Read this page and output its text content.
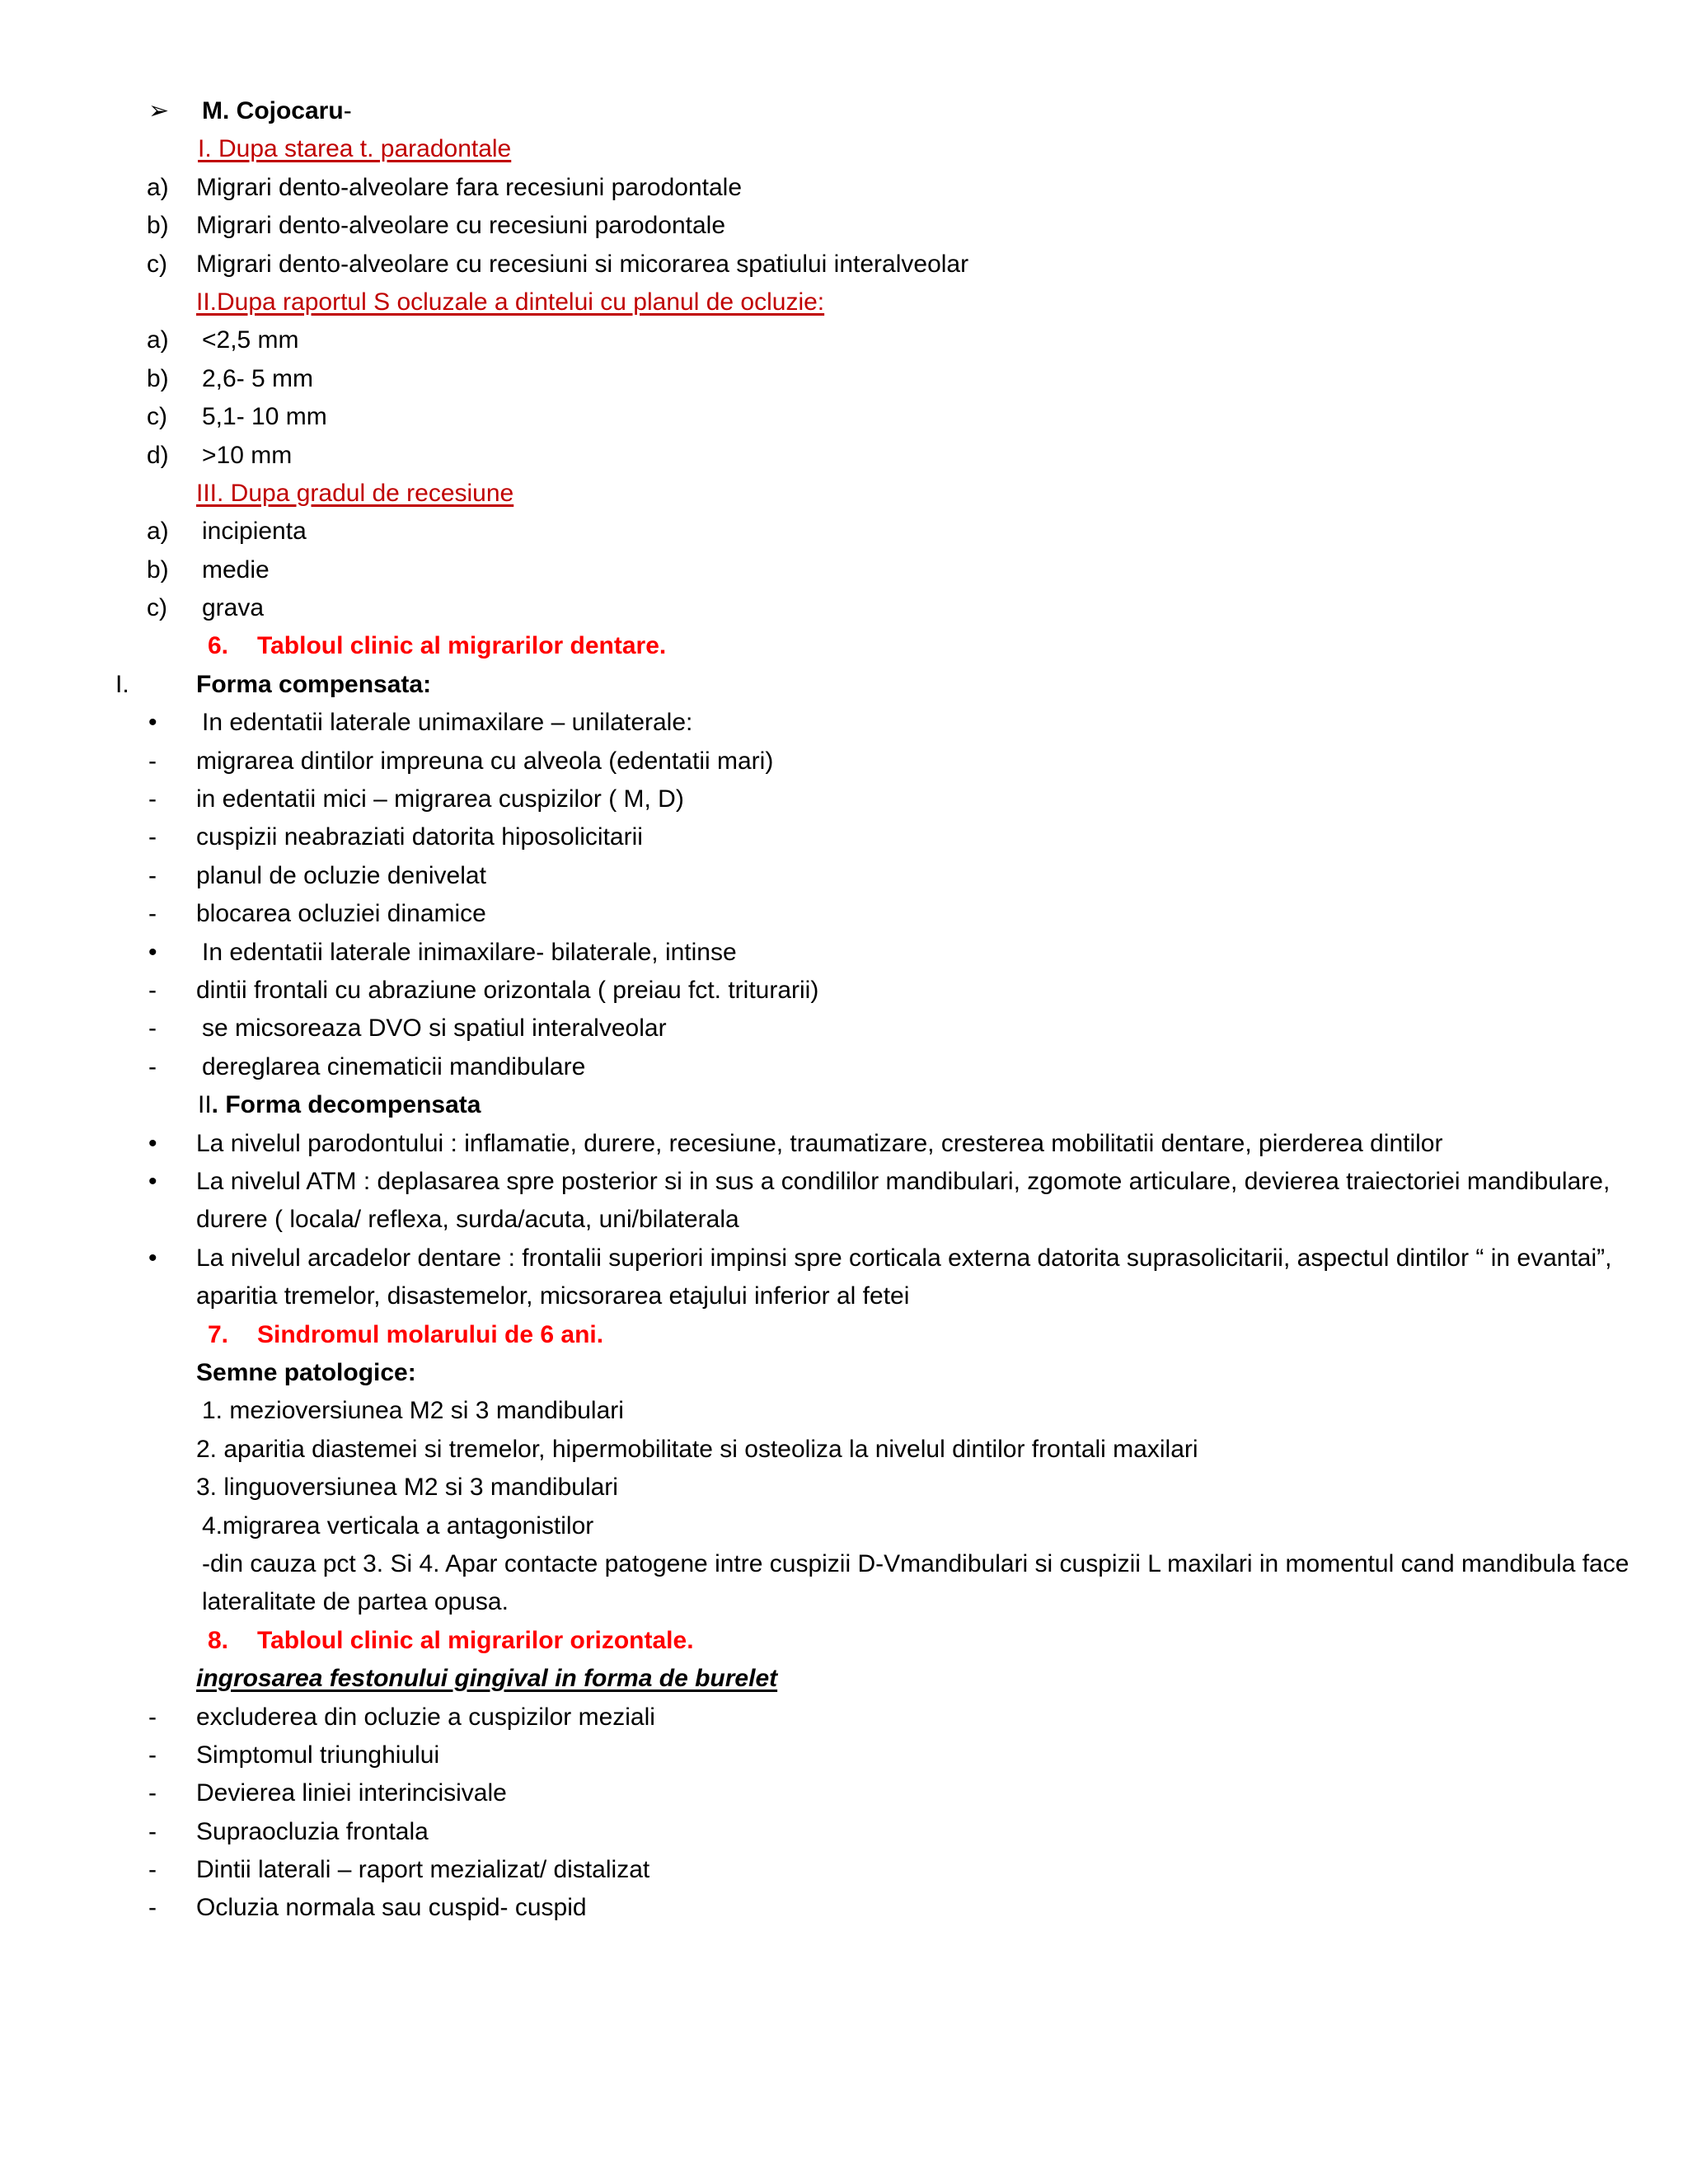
➢ M. Cojocaru-
I. Dupa starea t. paradontale
a) Migrari dento-alveolare fara recesiuni parodontale
b) Migrari dento-alveolare cu recesiuni parodontale
c) Migrari dento-alveolare cu recesiuni si micorarea spatiului interalveolar
II.Dupa raportul S ocluzale a dintelui cu planul de ocluzie:
a) <2,5 mm
b) 2,6- 5 mm
c) 5,1- 10 mm
d) >10 mm
III. Dupa gradul de recesiune
a) incipienta
b) medie
c) grava
6. Tabloul clinic al migrarilor dentare.
I.	Forma compensata:
• In edentatii laterale unimaxilare – unilaterale:
- migrarea dintilor impreuna cu alveola (edentatii mari)
- in edentatii mici – migrarea cuspizilor ( M, D)
- cuspizii neabraziati datorita hiposolicitarii
- planul de ocluzie denivelat
- blocarea ocluziei dinamice
• In edentatii laterale inimaxilare- bilaterale, intinse
- dintii frontali cu abraziune orizontala ( preiau fct. triturarii)
- se micsoreaza DVO si spatiul interalveolar
- dereglarea cinematicii mandibulare
II. Forma decompensata
• La nivelul parodontului : inflamatie, durere, recesiune, traumatizare, cresterea mobilitatii dentare, pierderea dintilor
• La nivelul ATM : deplasarea spre posterior si in sus a condililor mandibulari, zgomote articulare, devierea traiectoriei mandibulare, durere ( locala/ reflexa, surda/acuta, uni/bilaterala
• La nivelul arcadelor dentare : frontalii superiori impinsi spre corticala externa datorita suprasolicitarii, aspectul dintilor “ in evantai”, aparitia tremelor, disastemelor, micsorarea etajului inferior al fetei
7. Sindromul molarului de 6 ani.
Semne patologice:
1. mezioversiunea M2 si 3 mandibulari
2. aparitia diastemei si tremelor, hipermobilitate si osteoliza la nivelul dintilor frontali maxilari
3. linguoversiunea M2 si 3 mandibulari
4.migrarea verticala a antagonistilor
-din cauza pct 3. Si 4. Apar contacte patogene intre cuspizii D-Vmandibulari si cuspizii L maxilari in momentul cand mandibula face lateralitate de partea opusa.
8. Tabloul clinic al migrarilor orizontale.
ingrosarea festonului gingival in forma de burelet
- excluderea din ocluzie a cuspizilor meziali
- Simptomul triunghiului
- Devierea liniei interincisivale
- Supraocluzia frontala
- Dintii laterali – raport mezializat/ distalizat
- Ocluzia normala sau cuspid- cuspid
